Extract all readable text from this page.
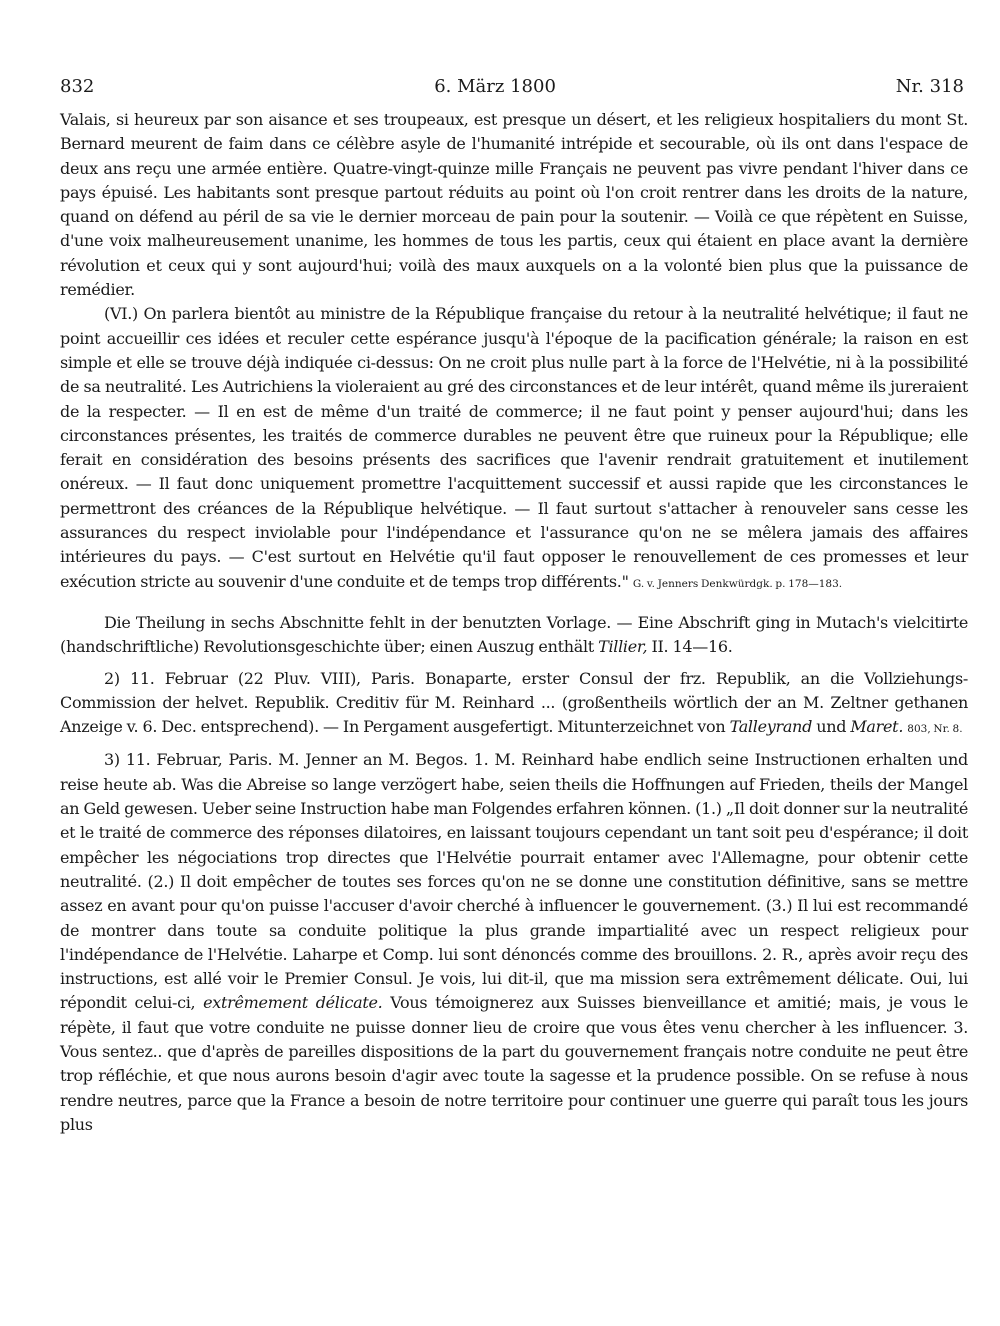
832	6. März 1800	Nr. 318

Valais, si heureux par son aisance et ses troupeaux, est presque un désert, et les religieux hospitaliers du mont St. Bernard meurent de faim dans ce célèbre asyle de l'humanité intrépide et secourable, où ils ont dans l'espace de deux ans reçu une armée entière. Quatre-vingt-quinze mille Français ne peuvent pas vivre pendant l'hiver dans ce pays épuisé. Les habitants sont presque partout réduits au point où l'on croit rentrer dans les droits de la nature, quand on défend au péril de sa vie le dernier morceau de pain pour la soutenir. — Voilà ce que répètent en Suisse, d'une voix malheureusement unanime, les hommes de tous les partis, ceux qui étaient en place avant la dernière révolution et ceux qui y sont aujourd'hui; voilà des maux auxquels on a la volonté bien plus que la puissance de remédier.

(VI.) On parlera bientôt au ministre de la République française du retour à la neutralité helvétique; il faut ne point accueillir ces idées et reculer cette espérance jusqu'à l'époque de la pacification générale; la raison en est simple et elle se trouve déjà indiquée ci-dessus: On ne croit plus nulle part à la force de l'Helvétie, ni à la possibilité de sa neutralité. Les Autrichiens la violeraient au gré des circonstances et de leur intérêt, quand même ils jureraient de la respecter. — Il en est de même d'un traité de commerce; il ne faut point y penser aujourd'hui; dans les circonstances présentes, les traités de commerce durables ne peuvent être que ruineux pour la République; elle ferait en considération des besoins présents des sacrifices que l'avenir rendrait gratuitement et inutilement onéreux. — Il faut donc uniquement promettre l'acquittement successif et aussi rapide que les circonstances le permettront des créances de la République helvétique. — Il faut surtout s'attacher à renouveler sans cesse les assurances du respect inviolable pour l'indépendance et l'assurance qu'on ne se mêlera jamais des affaires intérieures du pays. — C'est surtout en Helvétie qu'il faut opposer le renouvellement de ces promesses et leur exécution stricte au souvenir d'une conduite et de temps trop différents." G. v. Jenners Denkwürdgk. p. 178—183.

Die Theilung in sechs Abschnitte fehlt in der benutzten Vorlage. — Eine Abschrift ging in Mutach's vielcitirte (handschriftliche) Revolutionsgeschichte über; einen Auszug enthält Tillier, II. 14—16.

2) 11. Februar (22 Pluv. VIII), Paris. Bonaparte, erster Consul der frz. Republik, an die Vollziehungs-Commission der helvet. Republik. Creditiv für M. Reinhard ... (großentheils wörtlich der an M. Zeltner gethanen Anzeige v. 6. Dec. entsprechend). — In Pergament ausgefertigt. Mitunterzeichnet von Talleyrand und Maret. 803, Nr. 8.

3) 11. Februar, Paris. M. Jenner an M. Begos. 1. M. Reinhard habe endlich seine Instructionen erhalten und reise heute ab. Was die Abreise so lange verzögert habe, seien theils die Hoffnungen auf Frieden, theils der Mangel an Geld gewesen. Ueber seine Instruction habe man Folgendes erfahren können. (1.) „Il doit donner sur la neutralité et le traité de commerce des réponses dilatoires, en laissant toujours cependant un tant soit peu d'espérance; il doit empêcher les négociations trop directes que l'Helvétie pourrait entamer avec l'Allemagne, pour obtenir cette neutralité. (2.) Il doit empêcher de toutes ses forces qu'on ne se donne une constitution définitive, sans se mettre assez en avant pour qu'on puisse l'accuser d'avoir cherché à influencer le gouvernement. (3.) Il lui est recommandé de montrer dans toute sa conduite politique la plus grande impartialité avec un respect religieux pour l'indépendance de l'Helvétie. Laharpe et Comp. lui sont dénoncés comme des brouillons. 2. R., après avoir reçu des instructions, est allé voir le Premier Consul. Je vois, lui dit-il, que ma mission sera extrêmement délicate. Oui, lui répondit celui-ci, extrêmement délicate. Vous témoignerez aux Suisses bienveillance et amitié; mais, je vous le répète, il faut que votre conduite ne puisse donner lieu de croire que vous êtes venu chercher à les influencer. 3. Vous sentez.. que d'après de pareilles dispositions de la part du gouvernement français notre conduite ne peut être trop réfléchie, et que nous aurons besoin d'agir avec toute la sagesse et la prudence possible. On se refuse à nous rendre neutres, parce que la France a besoin de notre territoire pour continuer une guerre qui paraît tous les jours plus
